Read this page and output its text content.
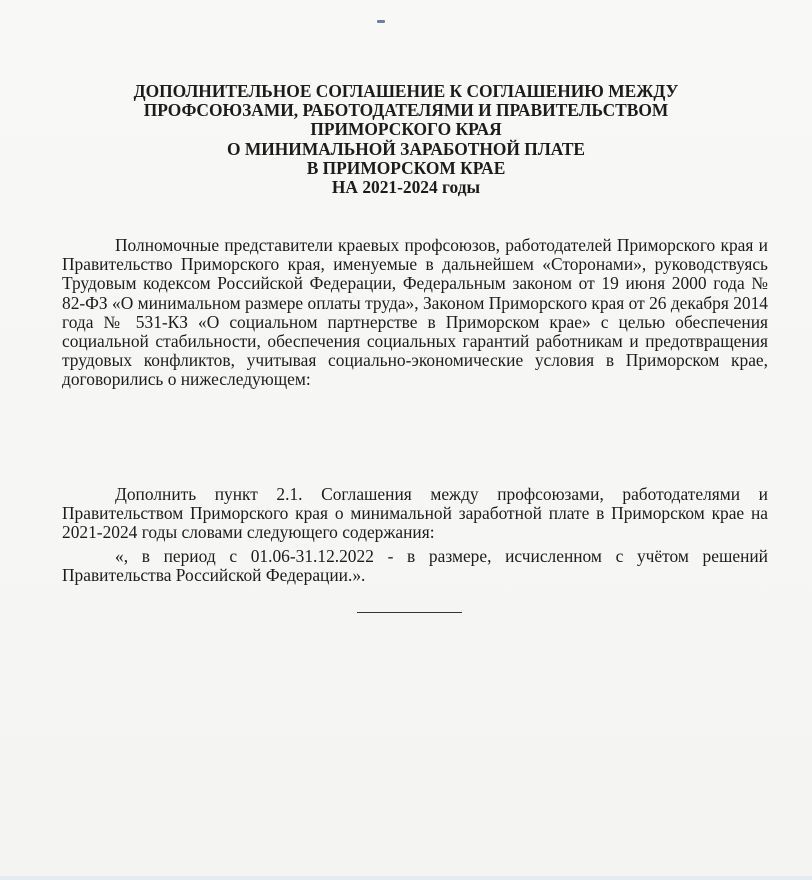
ДОПОЛНИТЕЛЬНОЕ СОГЛАШЕНИЕ К СОГЛАШЕНИЮ МЕЖДУ
ПРОФСОЮЗАМИ, РАБОТОДАТЕЛЯМИ И ПРАВИТЕЛЬСТВОМ
ПРИМОРСКОГО КРАЯ
О МИНИМАЛЬНОЙ ЗАРАБОТНОЙ ПЛАТЕ
В ПРИМОРСКОМ КРАЕ
НА 2021-2024 годы
Полномочные представители краевых профсоюзов, работодателей Приморского края и Правительство Приморского края, именуемые в дальнейшем «Сторонами», руководствуясь Трудовым кодексом Российской Федерации, Федеральным законом от 19 июня 2000 года № 82-ФЗ «О минимальном размере оплаты труда», Законом Приморского края от 26 декабря 2014 года № 531-КЗ «О социальном партнерстве в Приморском крае» с целью обеспечения социальной стабильности, обеспечения социальных гарантий работникам и предотвращения трудовых конфликтов, учитывая социально-экономические условия в Приморском крае, договорились о нижеследующем:
Дополнить пункт 2.1. Соглашения между профсоюзами, работодателями и Правительством Приморского края о минимальной заработной плате в Приморском крае на 2021-2024 годы словами следующего содержания:
«, в период с 01.06-31.12.2022 - в размере, исчисленном с учётом решений Правительства Российской Федерации.».
